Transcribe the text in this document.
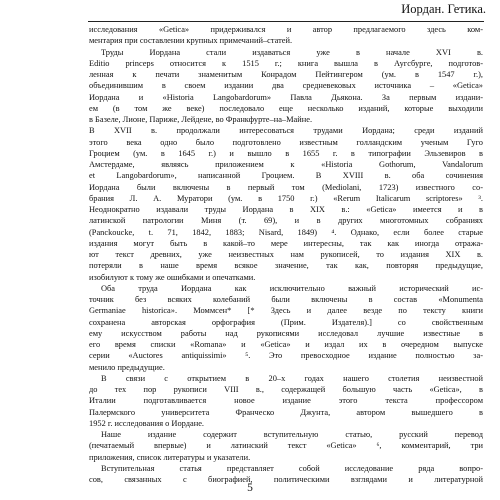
Иордан. Гетика.
исследования «Getica» придерживался и автор предлагаемого здесь ком-
ментария при составлении крупных примечаний–статей.
Труды Иордана стали издаваться уже в начале XVI в.
Editio princeps относится к 1515 г.; книга вышла в Аугсбурге, подготов-
ленная к печати знаменитым Конрадом Пейтингером (ум. в 1547 г.),
объединившим в своем издании два средневековых источника – «Getica»
Иордана и «Historia Langobardorum» Павла Дьякона. За первым издани-
ем (в том же веке) последовало еще несколько изданий, которые выходили
в Базеле, Лионе, Париже, Лейдене, во Франкфурте–на–Майне.
В XVII в. продолжали интересоваться трудами Иордана; среди изданий
этого века одно было подготовлено известным голландским ученым Гуго
Гроцием (ум. в 1645 г.) и вышло в 1655 г. в типографии Эльзевиров в
Амстердаме, являясь приложением к «Historia Gothorum, Vandalorum
et Langobardorum», написанной Гроцием. В XVIII в. оба сочинения
Иордана были включены в первый том (Mediolani, 1723) известного со-
брания Л. А. Муратори (ум. в 1750 г.) «Rerum Italicarum scriptores» ³.
Неоднократно издавали труды Иордана в XIX в.: «Getica» имеется и в
латинской патрологии Миня (т. 69), и в других многотомных собраниях
(Panckoucke, t. 71, 1842, 1883; Nisard, 1849) ⁴. Однако, если более старые
издания могут быть в какой–то мере интересны, так как иногда отража-
ют текст древних, уже неизвестных нам рукописей, то издания XIX в.
потеряли в наше время всякое значение, так как, повторяя предыдущие,
изобилуют к тому же ошибками и опечатками.
Оба труда Иордана как исключительно важный исторический ис-
точник без всяких колебаний были включены в состав «Monumenta
Germaniae historica». Моммсен* [* Здесь и далее везде по тексту книги
сохранена авторская орфография (Прим. Издателя).] со свойственным
ему искусством работы над рукописями исследовал лучшие известные в
его время списки «Romana» и «Getica» и издал их в очередном выпуске
серии «Auctores antiquissimi» ⁵. Это превосходное издание полностью за-
менило предыдущие.
В связи с открытием в 20–х годах нашего столетия неизвестной
до тех пор рукописи VIII в., содержащей большую часть «Getica», в
Италии подготавливается новое издание этого текста профессором
Палермского университета Франческо Джунта, автором вышедшего в
1952 г. исследования о Иордане.
Наше издание содержит вступительную статью, русский перевод
(печатаемый впервые) и латинский текст «Getica» ⁶, комментарий, три
приложения, список литературы и указатели.
Вступительная статья представляет собой исследование ряда вопро-
сов, связанных с биографией, политическими взглядами и литературной
5
